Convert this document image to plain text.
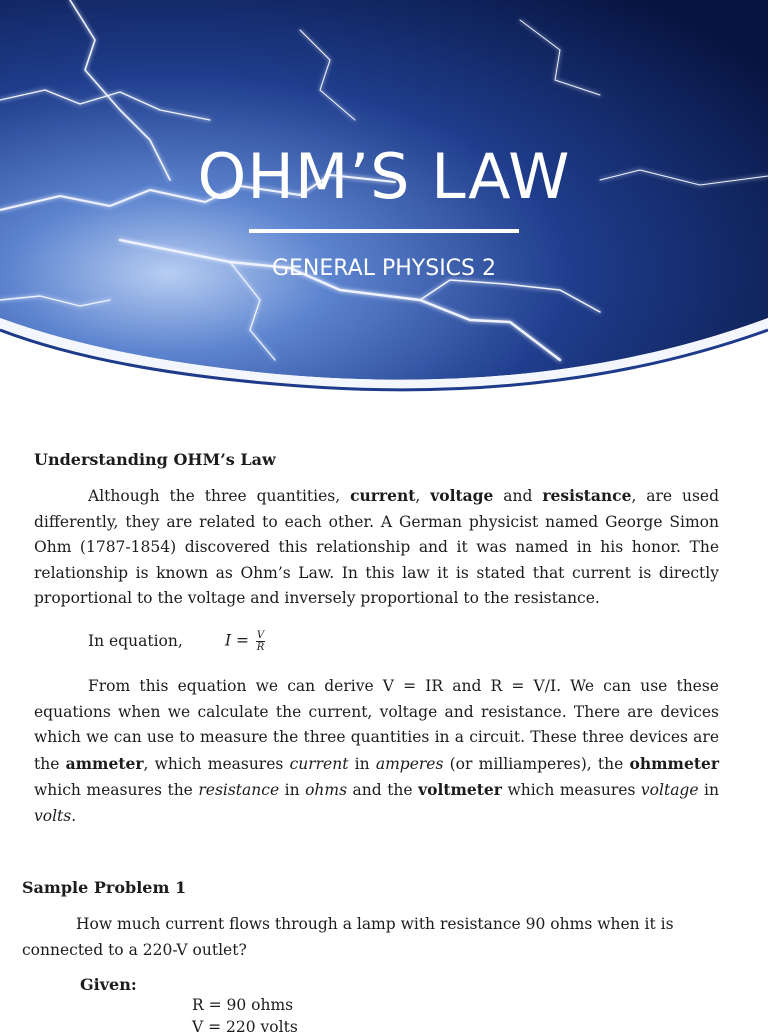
OHM’S LAW
GENERAL PHYSICS 2

Understanding OHM’s Law

Although the three quantities, current, voltage and resistance, are used differently, they are related to each other. A German physicist named George Simon Ohm (1787-1854) discovered this relationship and it was named in his honor. The relationship is known as Ohm’s Law. In this law it is stated that current is directly proportional to the voltage and inversely proportional to the resistance.

In equation,	$I = \frac{V}{R}$

From this equation we can derive V = IR and R = V/I. We can use these equations when we calculate the current, voltage and resistance. There are devices which we can use to measure the three quantities in a circuit. These three devices are the ammeter, which measures current in amperes (or milliamperes), the ohmmeter which measures the resistance in ohms and the voltmeter which measures voltage in volts.

Sample Problem 1

How much current flows through a lamp with resistance 90 ohms when it is connected to a 220-V outlet?

Given:

R = 90 ohms

V = 220 volts
